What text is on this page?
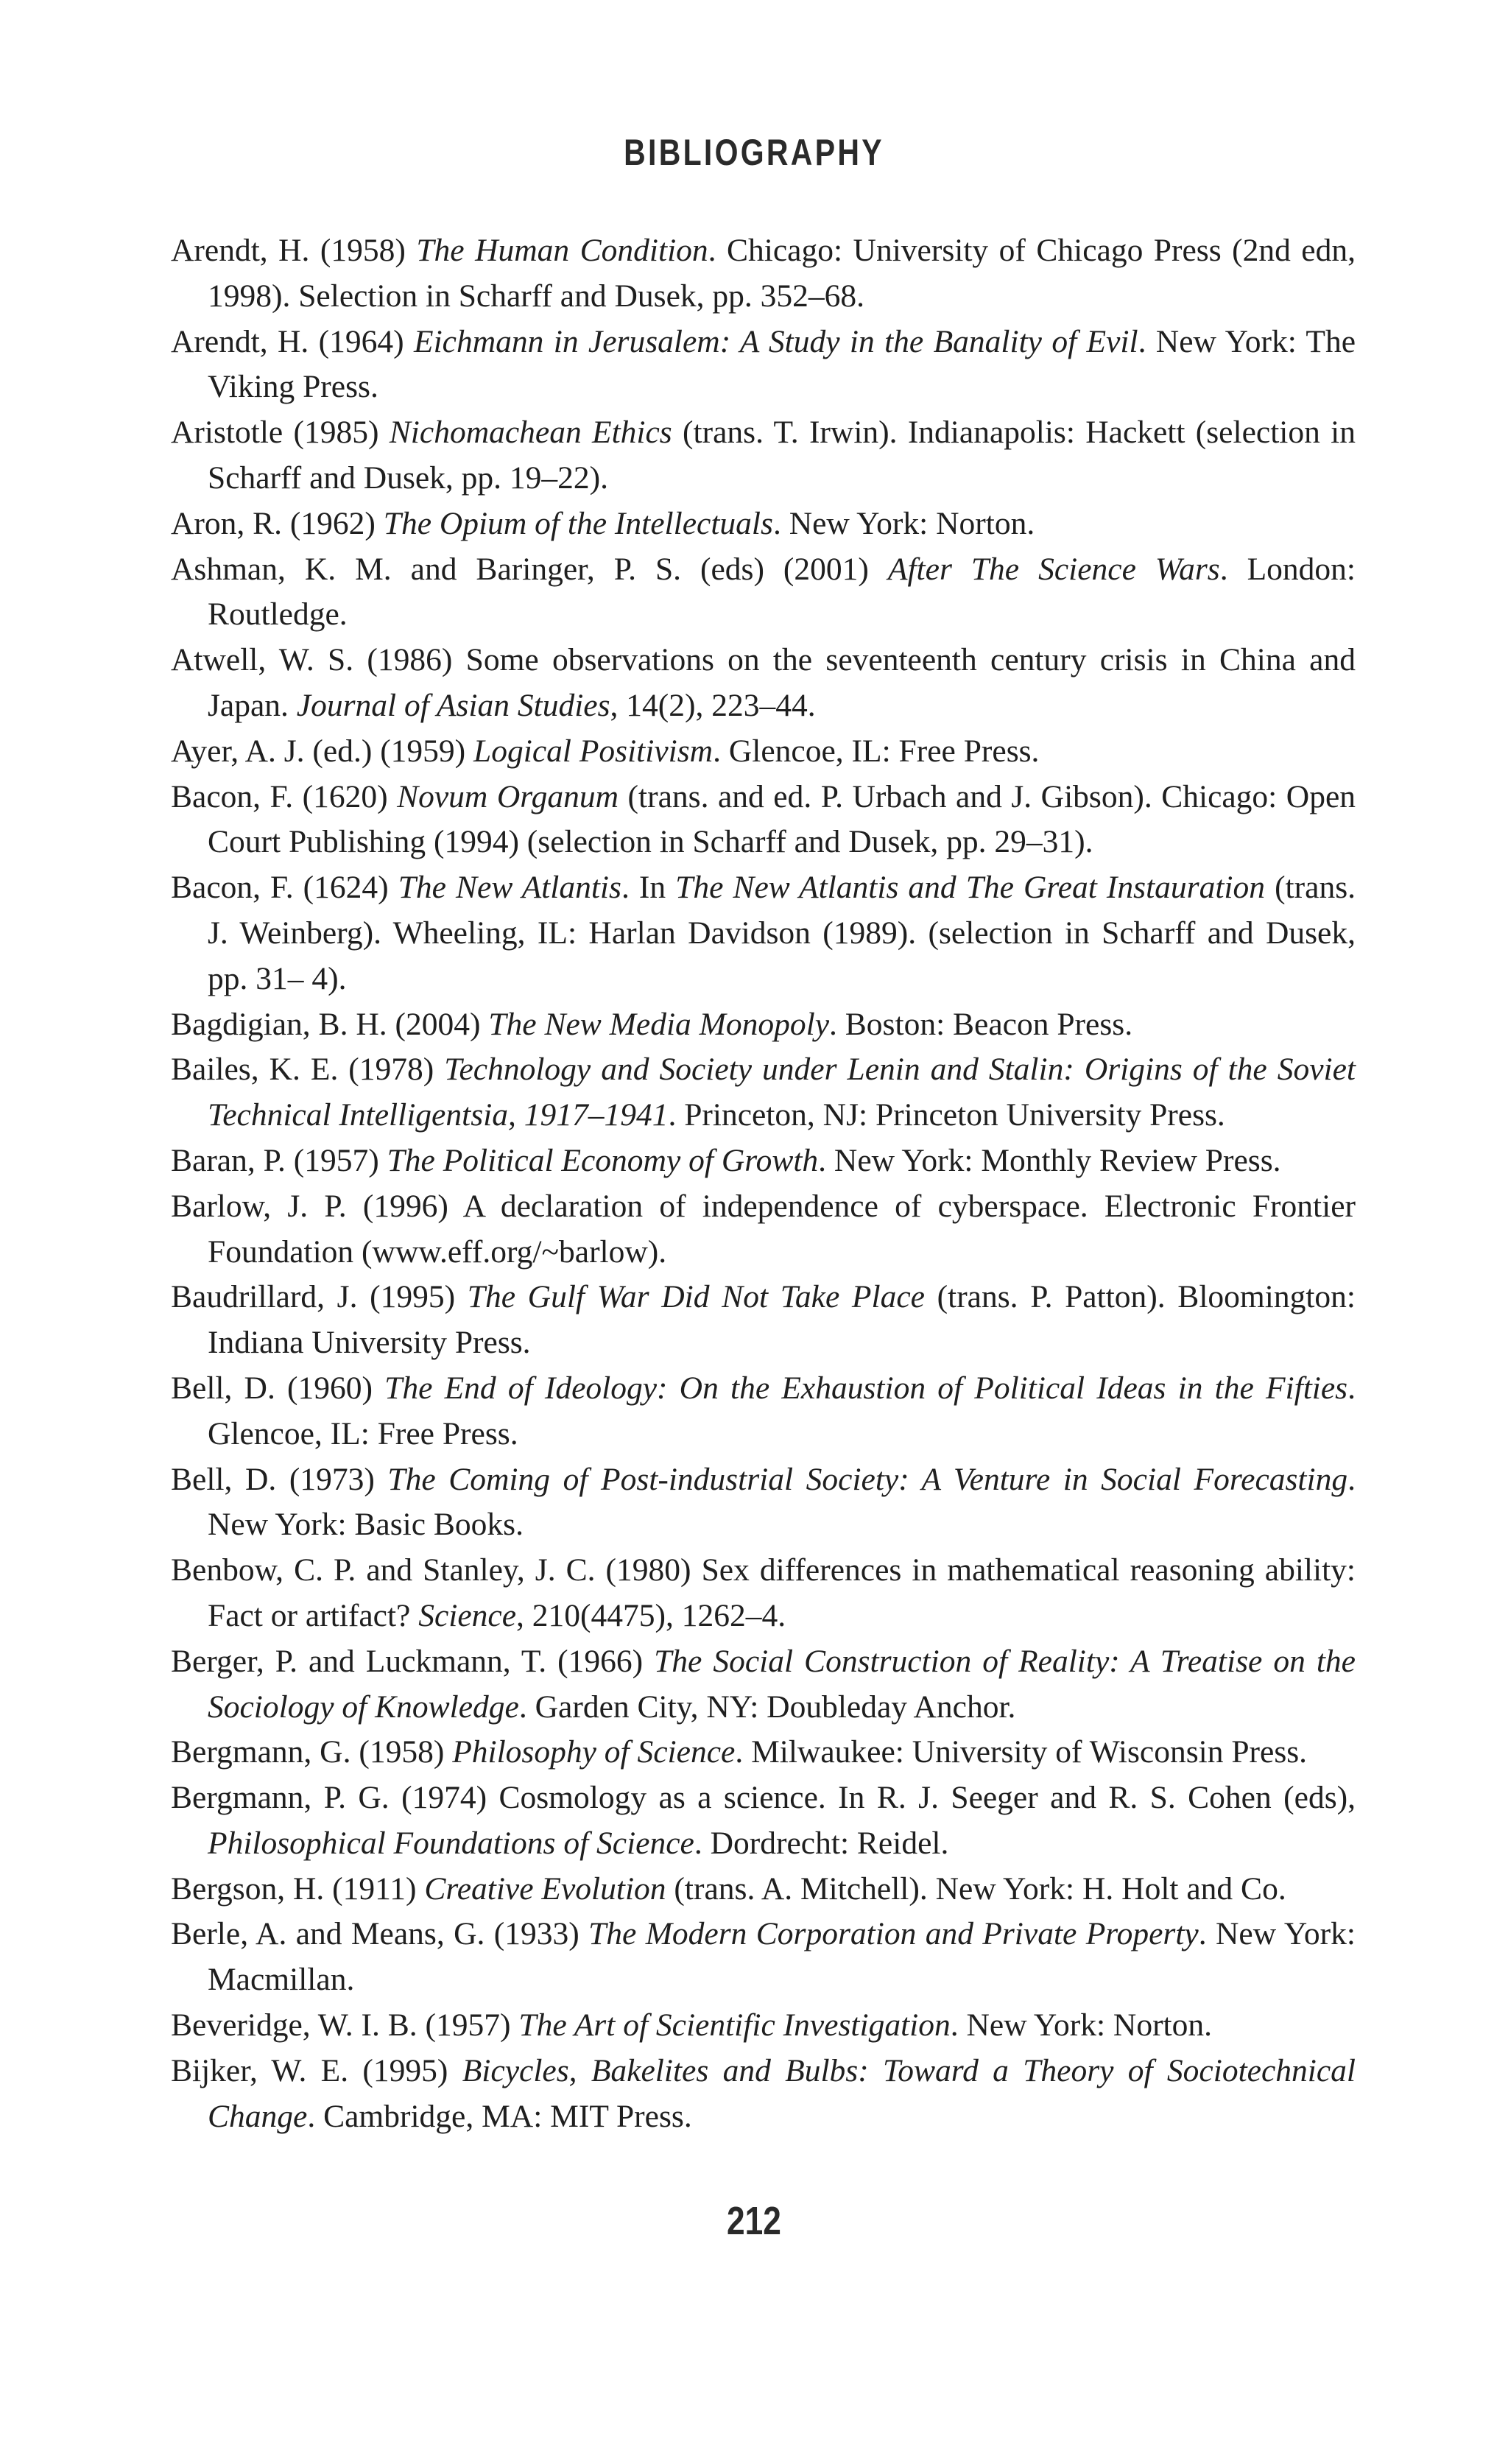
BIBLIOGRAPHY

Arendt, H. (1958) The Human Condition. Chicago: University of Chicago Press (2nd edn, 1998). Selection in Scharff and Dusek, pp. 352–68.

Arendt, H. (1964) Eichmann in Jerusalem: A Study in the Banality of Evil. New York: The Viking Press.

Aristotle (1985) Nichomachean Ethics (trans. T. Irwin). Indianapolis: Hackett (selection in Scharff and Dusek, pp. 19–22).

Aron, R. (1962) The Opium of the Intellectuals. New York: Norton.

Ashman, K. M. and Baringer, P. S. (eds) (2001) After The Science Wars. London: Routledge.

Atwell, W. S. (1986) Some observations on the seventeenth century crisis in China and Japan. Journal of Asian Studies, 14(2), 223–44.

Ayer, A. J. (ed.) (1959) Logical Positivism. Glencoe, IL: Free Press.

Bacon, F. (1620) Novum Organum (trans. and ed. P. Urbach and J. Gibson). Chicago: Open Court Publishing (1994) (selection in Scharff and Dusek, pp. 29–31).

Bacon, F. (1624) The New Atlantis. In The New Atlantis and The Great Instauration (trans. J. Weinberg). Wheeling, IL: Harlan Davidson (1989). (selection in Scharff and Dusek, pp. 31– 4).

Bagdigian, B. H. (2004) The New Media Monopoly. Boston: Beacon Press.

Bailes, K. E. (1978) Technology and Society under Lenin and Stalin: Origins of the Soviet Technical Intelligentsia, 1917–1941. Princeton, NJ: Princeton University Press.

Baran, P. (1957) The Political Economy of Growth. New York: Monthly Review Press.

Barlow, J. P. (1996) A declaration of independence of cyberspace. Electronic Frontier Foundation (www.eff.org/~barlow).

Baudrillard, J. (1995) The Gulf War Did Not Take Place (trans. P. Patton). Bloomington: Indiana University Press.

Bell, D. (1960) The End of Ideology: On the Exhaustion of Political Ideas in the Fifties. Glencoe, IL: Free Press.

Bell, D. (1973) The Coming of Post-industrial Society: A Venture in Social Forecasting. New York: Basic Books.

Benbow, C. P. and Stanley, J. C. (1980) Sex differences in mathematical reasoning ability: Fact or artifact? Science, 210(4475), 1262–4.

Berger, P. and Luckmann, T. (1966) The Social Construction of Reality: A Treatise on the Sociology of Knowledge. Garden City, NY: Doubleday Anchor.

Bergmann, G. (1958) Philosophy of Science. Milwaukee: University of Wisconsin Press.

Bergmann, P. G. (1974) Cosmology as a science. In R. J. Seeger and R. S. Cohen (eds), Philosophical Foundations of Science. Dordrecht: Reidel.

Bergson, H. (1911) Creative Evolution (trans. A. Mitchell). New York: H. Holt and Co.

Berle, A. and Means, G. (1933) The Modern Corporation and Private Property. New York: Macmillan.

Beveridge, W. I. B. (1957) The Art of Scientific Investigation. New York: Norton.

Bijker, W. E. (1995) Bicycles, Bakelites and Bulbs: Toward a Theory of Sociotechnical Change. Cambridge, MA: MIT Press.

212
